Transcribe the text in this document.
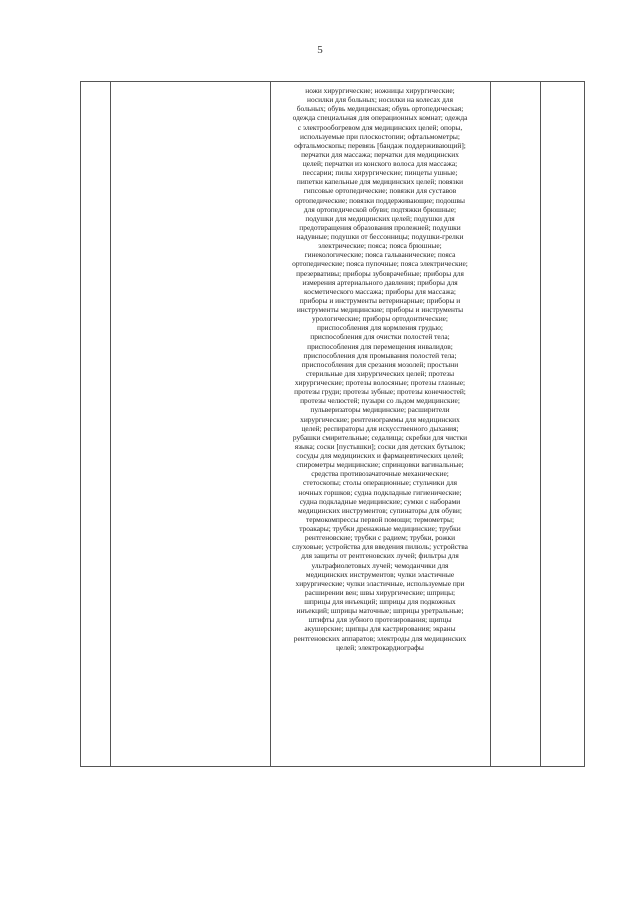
5
ножи хирургические; ножницы хирургические;
носилки для больных; носилки на колесах для
больных; обувь медицинская; обувь ортопедическая;
одежда специальная для операционных комнат; одежда
с электрообогревом для медицинских целей; опоры,
используемые при плоскостопии; офтальмометры;
офтальмоскопы; перевязь [бандаж поддерживающий];
перчатки для массажа; перчатки для медицинских
целей; перчатки из конского волоса для массажа;
пессарии; пилы хирургические; пинцеты ушные;
пипетки капельные для медицинских целей; повязки
гипсовые ортопедические; повязки для суставов
ортопедические; повязки поддерживающие; подошвы
для ортопедической обуви; подтяжки брюшные;
подушки для медицинских целей; подушки для
предотвращения образования пролежней; подушки
надувные; подушки от бессонницы; подушки-грелки
электрические; пояса; пояса брюшные;
гинекологические; пояса гальванические; пояса
ортопедические; пояса пупочные; пояса электрические;
презервативы; приборы зубоврачебные; приборы для
измерения артериального давления; приборы для
косметического массажа; приборы для массажа;
приборы и инструменты ветеринарные; приборы и
инструменты медицинские; приборы и инструменты
урологические; приборы ортодонтические;
приспособления для кормления грудью;
приспособления для очистки полостей тела;
приспособления для перемещения инвалидов;
приспособления для промывания полостей тела;
приспособления для срезания мозолей; простыни
стерильные для хирургических целей; протезы
хирургические; протезы волосяные; протезы глазные;
протезы груди; протезы зубные; протезы конечностей;
протезы челюстей; пузыри со льдом медицинские;
пульверизаторы медицинские; расширители
хирургические; рентгенограммы для медицинских
целей; респираторы для искусственного дыхания;
рубашки смирительные; седалища; скребки для чистки
языка; соски [пустышки]; соски для детских бутылок;
сосуды для медицинских и фармацевтических целей;
спирометры медицинские; спринцовки вагинальные;
средства противозачаточные механические;
стетоскопы; столы операционные; стульчики для
ночных горшков; судна подкладные гигиенические;
судна подкладные медицинские; сумки с наборами
медицинских инструментов; супинаторы для обуви;
термокомпрессы первой помощи; термометры;
троакары; трубки дренажные медицинские; трубки
рентгеновские; трубки с радием; трубки, рожки
слуховые; устройства для введения пилюль; устройства
для защиты от рентгеновских лучей; фильтры для
ультрафиолетовых лучей; чемоданчики для
медицинских инструментов; чулки эластичные
хирургические; чулки эластичные, используемые при
расширении вен; швы хирургические; шприцы;
шприцы для инъекций; шприцы для подкожных
инъекций; шприцы маточные; шприцы уретральные;
штифты для зубного протезирования; щипцы
акушерские; щипцы для кастрирования; экраны
рентгеновских аппаратов; электроды для медицинских
целей; электрокардиографы
